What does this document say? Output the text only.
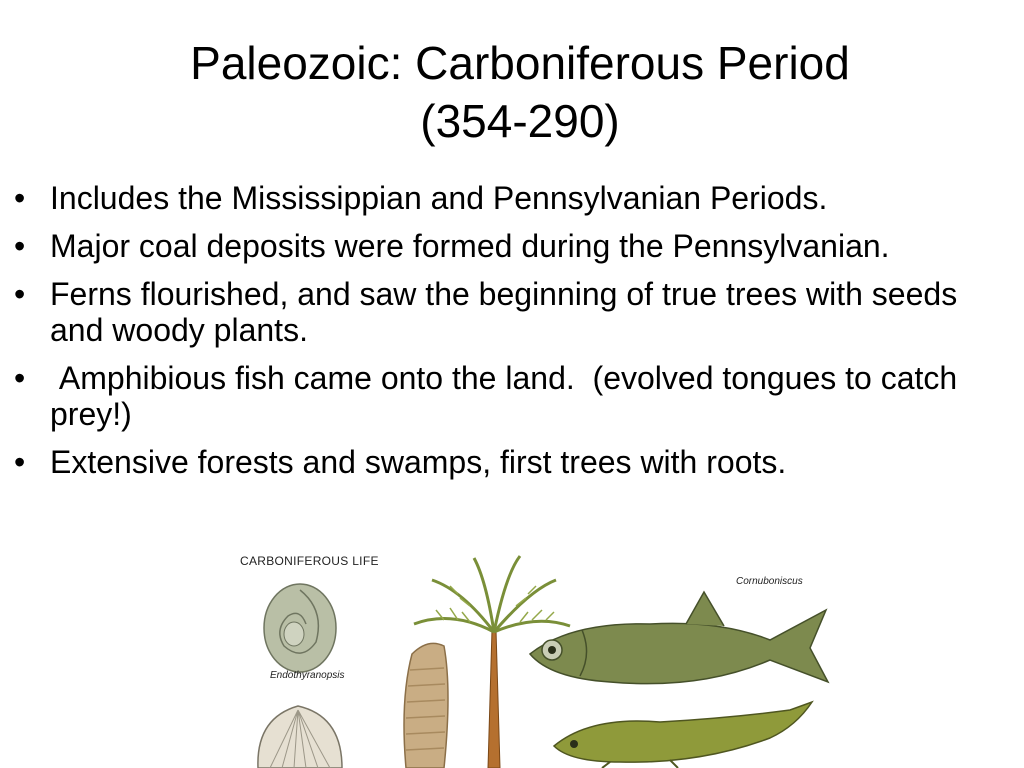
Paleozoic: Carboniferous Period
(354-290)
• Includes the Mississippian and Pennsylvanian Periods.
• Major coal deposits were formed during the Pennsylvanian.
• Ferns flourished, and saw the beginning of true trees with seeds and woody plants.
• Amphibious fish came onto the land.  (evolved tongues to catch prey!)
• Extensive forests and swamps, first trees with roots.
CARBONIFEROUS LIFE
Endothyranopsis
Cornuboniscus
